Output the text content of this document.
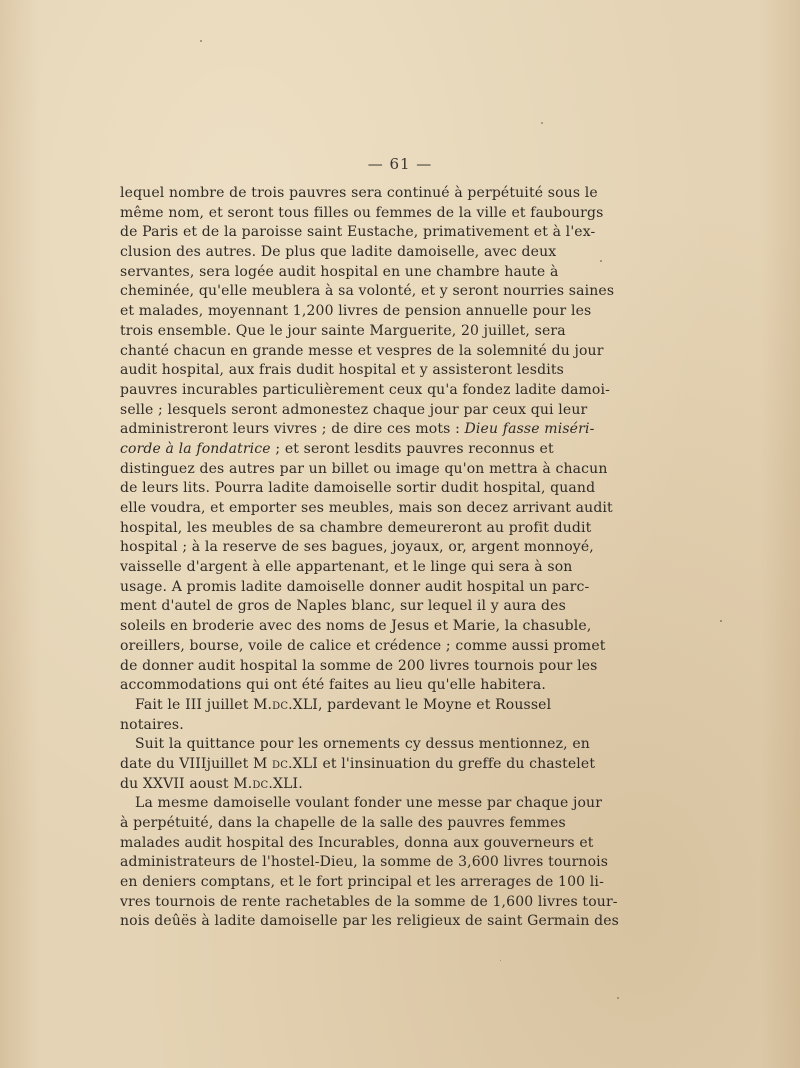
— 61 —
lequel nombre de trois pauvres sera continué à perpétuité sous le
même nom, et seront tous filles ou femmes de la ville et faubourgs
de Paris et de la paroisse saint Eustache, primativement et à l'ex-
clusion des autres. De plus que ladite damoiselle, avec deux
servantes, sera logée audit hospital en une chambre haute à
cheminée, qu'elle meublera à sa volonté, et y seront nourries saines
et malades, moyennant 1,200 livres de pension annuelle pour les
trois ensemble. Que le jour sainte Marguerite, 20 juillet, sera
chanté chacun en grande messe et vespres de la solemnité du jour
audit hospital, aux frais dudit hospital et y assisteront lesdits
pauvres incurables particulièrement ceux qu'a fondez ladite damoi-
selle ; lesquels seront admonestez chaque jour par ceux qui leur
administreront leurs vivres ; de dire ces mots : Dieu fasse miséri-
corde à la fondatrice ; et seront lesdits pauvres reconnus et
distinguez des autres par un billet ou image qu'on mettra à chacun
de leurs lits. Pourra ladite damoiselle sortir dudit hospital, quand
elle voudra, et emporter ses meubles, mais son decez arrivant audit
hospital, les meubles de sa chambre demeureront au profit dudit
hospital ; à la reserve de ses bagues, joyaux, or, argent monnoyé,
vaisselle d'argent à elle appartenant, et le linge qui sera à son
usage. A promis ladite damoiselle donner audit hospital un parc-
ment d'autel de gros de Naples blanc, sur lequel il y aura des
soleils en broderie avec des noms de Jesus et Marie, la chasuble,
oreillers, bourse, voile de calice et crédence ; comme aussi promet
de donner audit hospital la somme de 200 livres tournois pour les
accommodations qui ont été faites au lieu qu'elle habitera.
Fait le III juillet M.dc.XLI, pardevant le Moyne et Roussel
notaires.
Suit la quittance pour les ornements cy dessus mentionnez, en
date du VIIIjuillet M dc.XLI et l'insinuation du greffe du chastelet
du XXVII aoust M.dc.XLI.
La mesme damoiselle voulant fonder une messe par chaque jour
à perpétuité, dans la chapelle de la salle des pauvres femmes
malades audit hospital des Incurables, donna aux gouverneurs et
administrateurs de l'hostel-Dieu, la somme de 3,600 livres tournois
en deniers comptans, et le fort principal et les arrerages de 100 li-
vres tournois de rente rachetables de la somme de 1,600 livres tour-
nois deûës à ladite damoiselle par les religieux de saint Germain des
